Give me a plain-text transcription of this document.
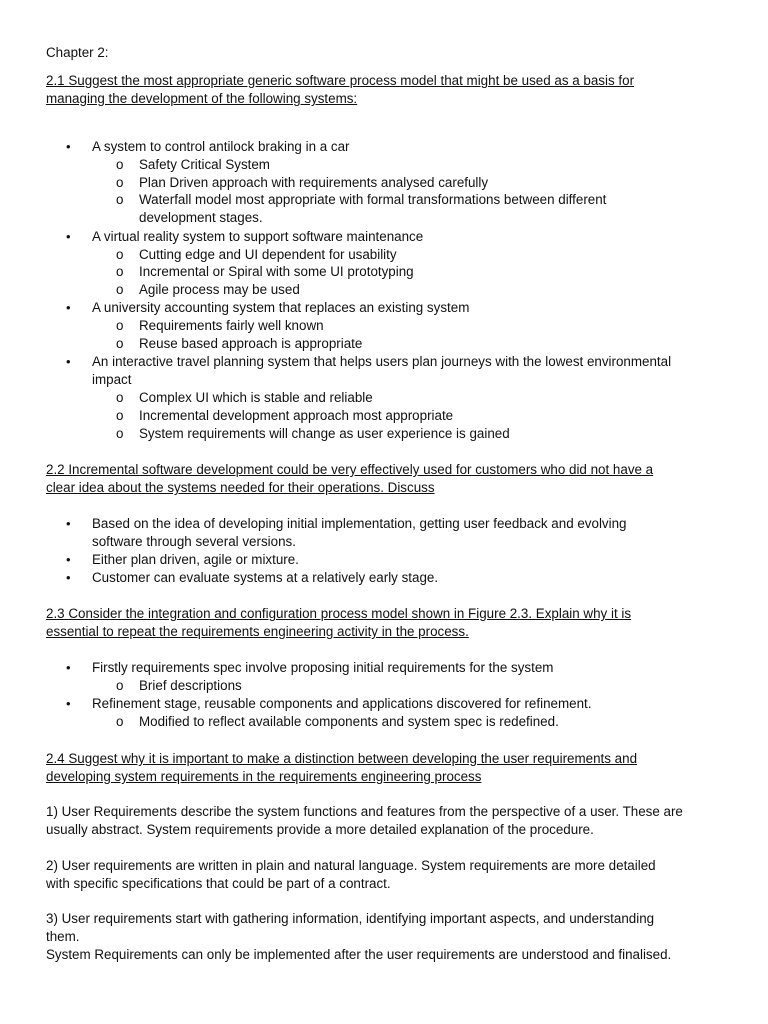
Chapter 2:
2.1 Suggest the most appropriate generic software process model that might be used as a basis for
managing the development of the following systems:
• A system to control antilock braking in a car
o Safety Critical System
o Plan Driven approach with requirements analysed carefully
o Waterfall model most appropriate with formal transformations between different
development stages.
• A virtual reality system to support software maintenance
o Cutting edge and UI dependent for usability
o Incremental or Spiral with some UI prototyping
o Agile process may be used
• A university accounting system that replaces an existing system
o Requirements fairly well known
o Reuse based approach is appropriate
• An interactive travel planning system that helps users plan journeys with the lowest environmental
impact
o Complex UI which is stable and reliable
o Incremental development approach most appropriate
o System requirements will change as user experience is gained
2.2 Incremental software development could be very effectively used for customers who did not have a
clear idea about the systems needed for their operations. Discuss
• Based on the idea of developing initial implementation, getting user feedback and evolving
software through several versions.
• Either plan driven, agile or mixture.
• Customer can evaluate systems at a relatively early stage.
2.3 Consider the integration and configuration process model shown in Figure 2.3. Explain why it is
essential to repeat the requirements engineering activity in the process.
• Firstly requirements spec involve proposing initial requirements for the system
o Brief descriptions
• Refinement stage, reusable components and applications discovered for refinement.
o Modified to reflect available components and system spec is redefined.
2.4 Suggest why it is important to make a distinction between developing the user requirements and
developing system requirements in the requirements engineering process
1) User Requirements describe the system functions and features from the perspective of a user. These are
usually abstract. System requirements provide a more detailed explanation of the procedure.
2) User requirements are written in plain and natural language. System requirements are more detailed
with specific specifications that could be part of a contract.
3) User requirements start with gathering information, identifying important aspects, and understanding
them.
System Requirements can only be implemented after the user requirements are understood and finalised.
